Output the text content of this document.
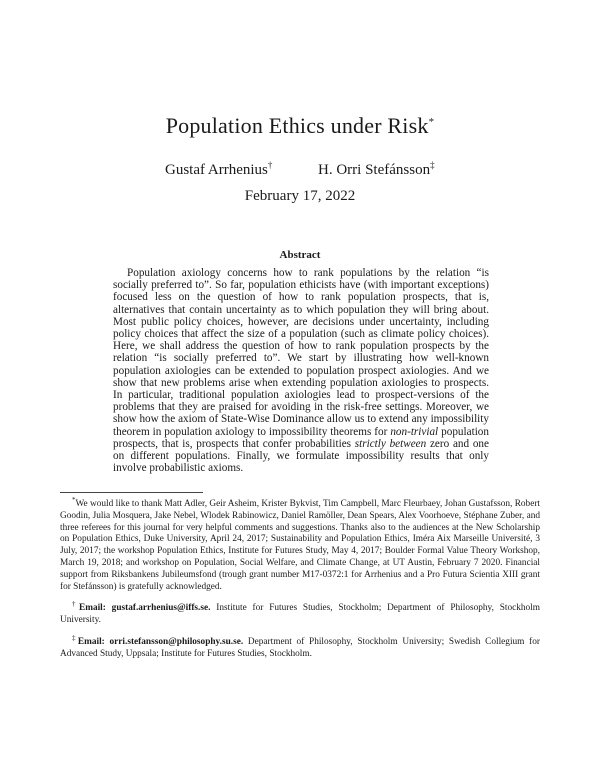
Population Ethics under Risk*
Gustaf Arrhenius†	H. Orri Stefánsson‡
February 17, 2022
Abstract

Population axiology concerns how to rank populations by the relation “is socially preferred to”. So far, population ethicists have (with important exceptions) focused less on the question of how to rank population prospects, that is, alternatives that contain uncertainty as to which population they will bring about. Most public policy choices, however, are decisions under uncertainty, including policy choices that affect the size of a population (such as climate policy choices). Here, we shall address the question of how to rank population prospects by the relation “is socially preferred to”. We start by illustrating how well-known population axiologies can be extended to population prospect axiologies. And we show that new problems arise when extending population axiologies to prospects. In particular, traditional population axiologies lead to prospect-versions of the problems that they are praised for avoiding in the risk-free settings. Moreover, we show how the axiom of State-Wise Dominance allow us to extend any impossibility theorem in population axiology to impossibility theorems for non-trivial population prospects, that is, prospects that confer probabilities strictly between zero and one on different populations. Finally, we formulate impossibility results that only involve probabilistic axioms.

*We would like to thank Matt Adler, Geir Asheim, Krister Bykvist, Tim Campbell, Marc Fleurbaey, Johan Gustafsson, Robert Goodin, Julia Mosquera, Jake Nebel, Wlodek Rabinowicz, Daniel Ramöller, Dean Spears, Alex Voorhoeve, Stéphane Zuber, and three referees for this journal for very helpful comments and suggestions. Thanks also to the audiences at the New Scholarship on Population Ethics, Duke University, April 24, 2017; Sustainability and Population Ethics, Iméra Aix Marseille Université, 3 July, 2017; the workshop Population Ethics, Institute for Futures Study, May 4, 2017; Boulder Formal Value Theory Workshop, March 19, 2018; and workshop on Population, Social Welfare, and Climate Change, at UT Austin, February 7 2020. Financial support from Riksbankens Jubileumsfond (trough grant number M17-0372:1 for Arrhenius and a Pro Futura Scientia XIII grant for Stefánsson) is gratefully acknowledged.

†Email: gustaf.arrhenius@iffs.se. Institute for Futures Studies, Stockholm; Department of Philosophy, Stockholm University.

‡Email: orri.stefansson@philosophy.su.se. Department of Philosophy, Stockholm University; Swedish Collegium for Advanced Study, Uppsala; Institute for Futures Studies, Stockholm.
